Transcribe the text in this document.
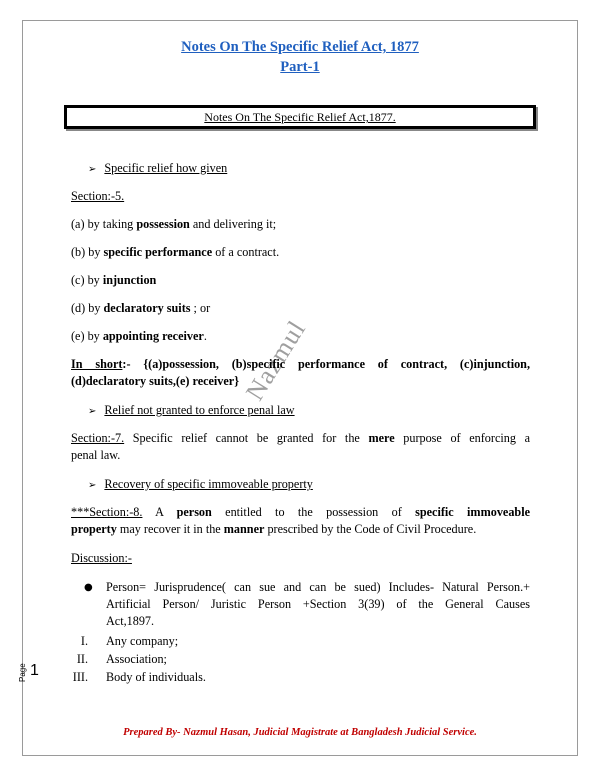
Notes On The Specific Relief Act, 1877
Part-1
Notes On The Specific Relief Act,1877.
Nazmul
➢ Specific relief how given
Section:-5.
(a) by taking possession and delivering it;
(b) by specific performance of a contract.
(c) by injunction
(d) by declaratory suits ; or
(e) by appointing receiver.
In short:- {(a)possession, (b)specific performance of contract, (c)injunction,
(d)declaratory suits,(e) receiver}
➢ Relief not granted to enforce penal law
Section:-7. Specific relief cannot be granted for the mere purpose of enforcing a
penal law.
➢ Recovery of specific immoveable property
***Section:-8. A person entitled to the possession of specific immoveable
property may recover it in the manner prescribed by the Code of Civil Procedure.
Discussion:-
● Person= Jurisprudence( can sue and can be sued) Includes- Natural Person.+
Artificial Person/ Juristic Person +Section 3(39) of the General Causes
Act,1897.
I. Any company;
II. Association;
III. Body of individuals.
Page 1
Prepared By- Nazmul Hasan, Judicial Magistrate at Bangladesh Judicial Service.
